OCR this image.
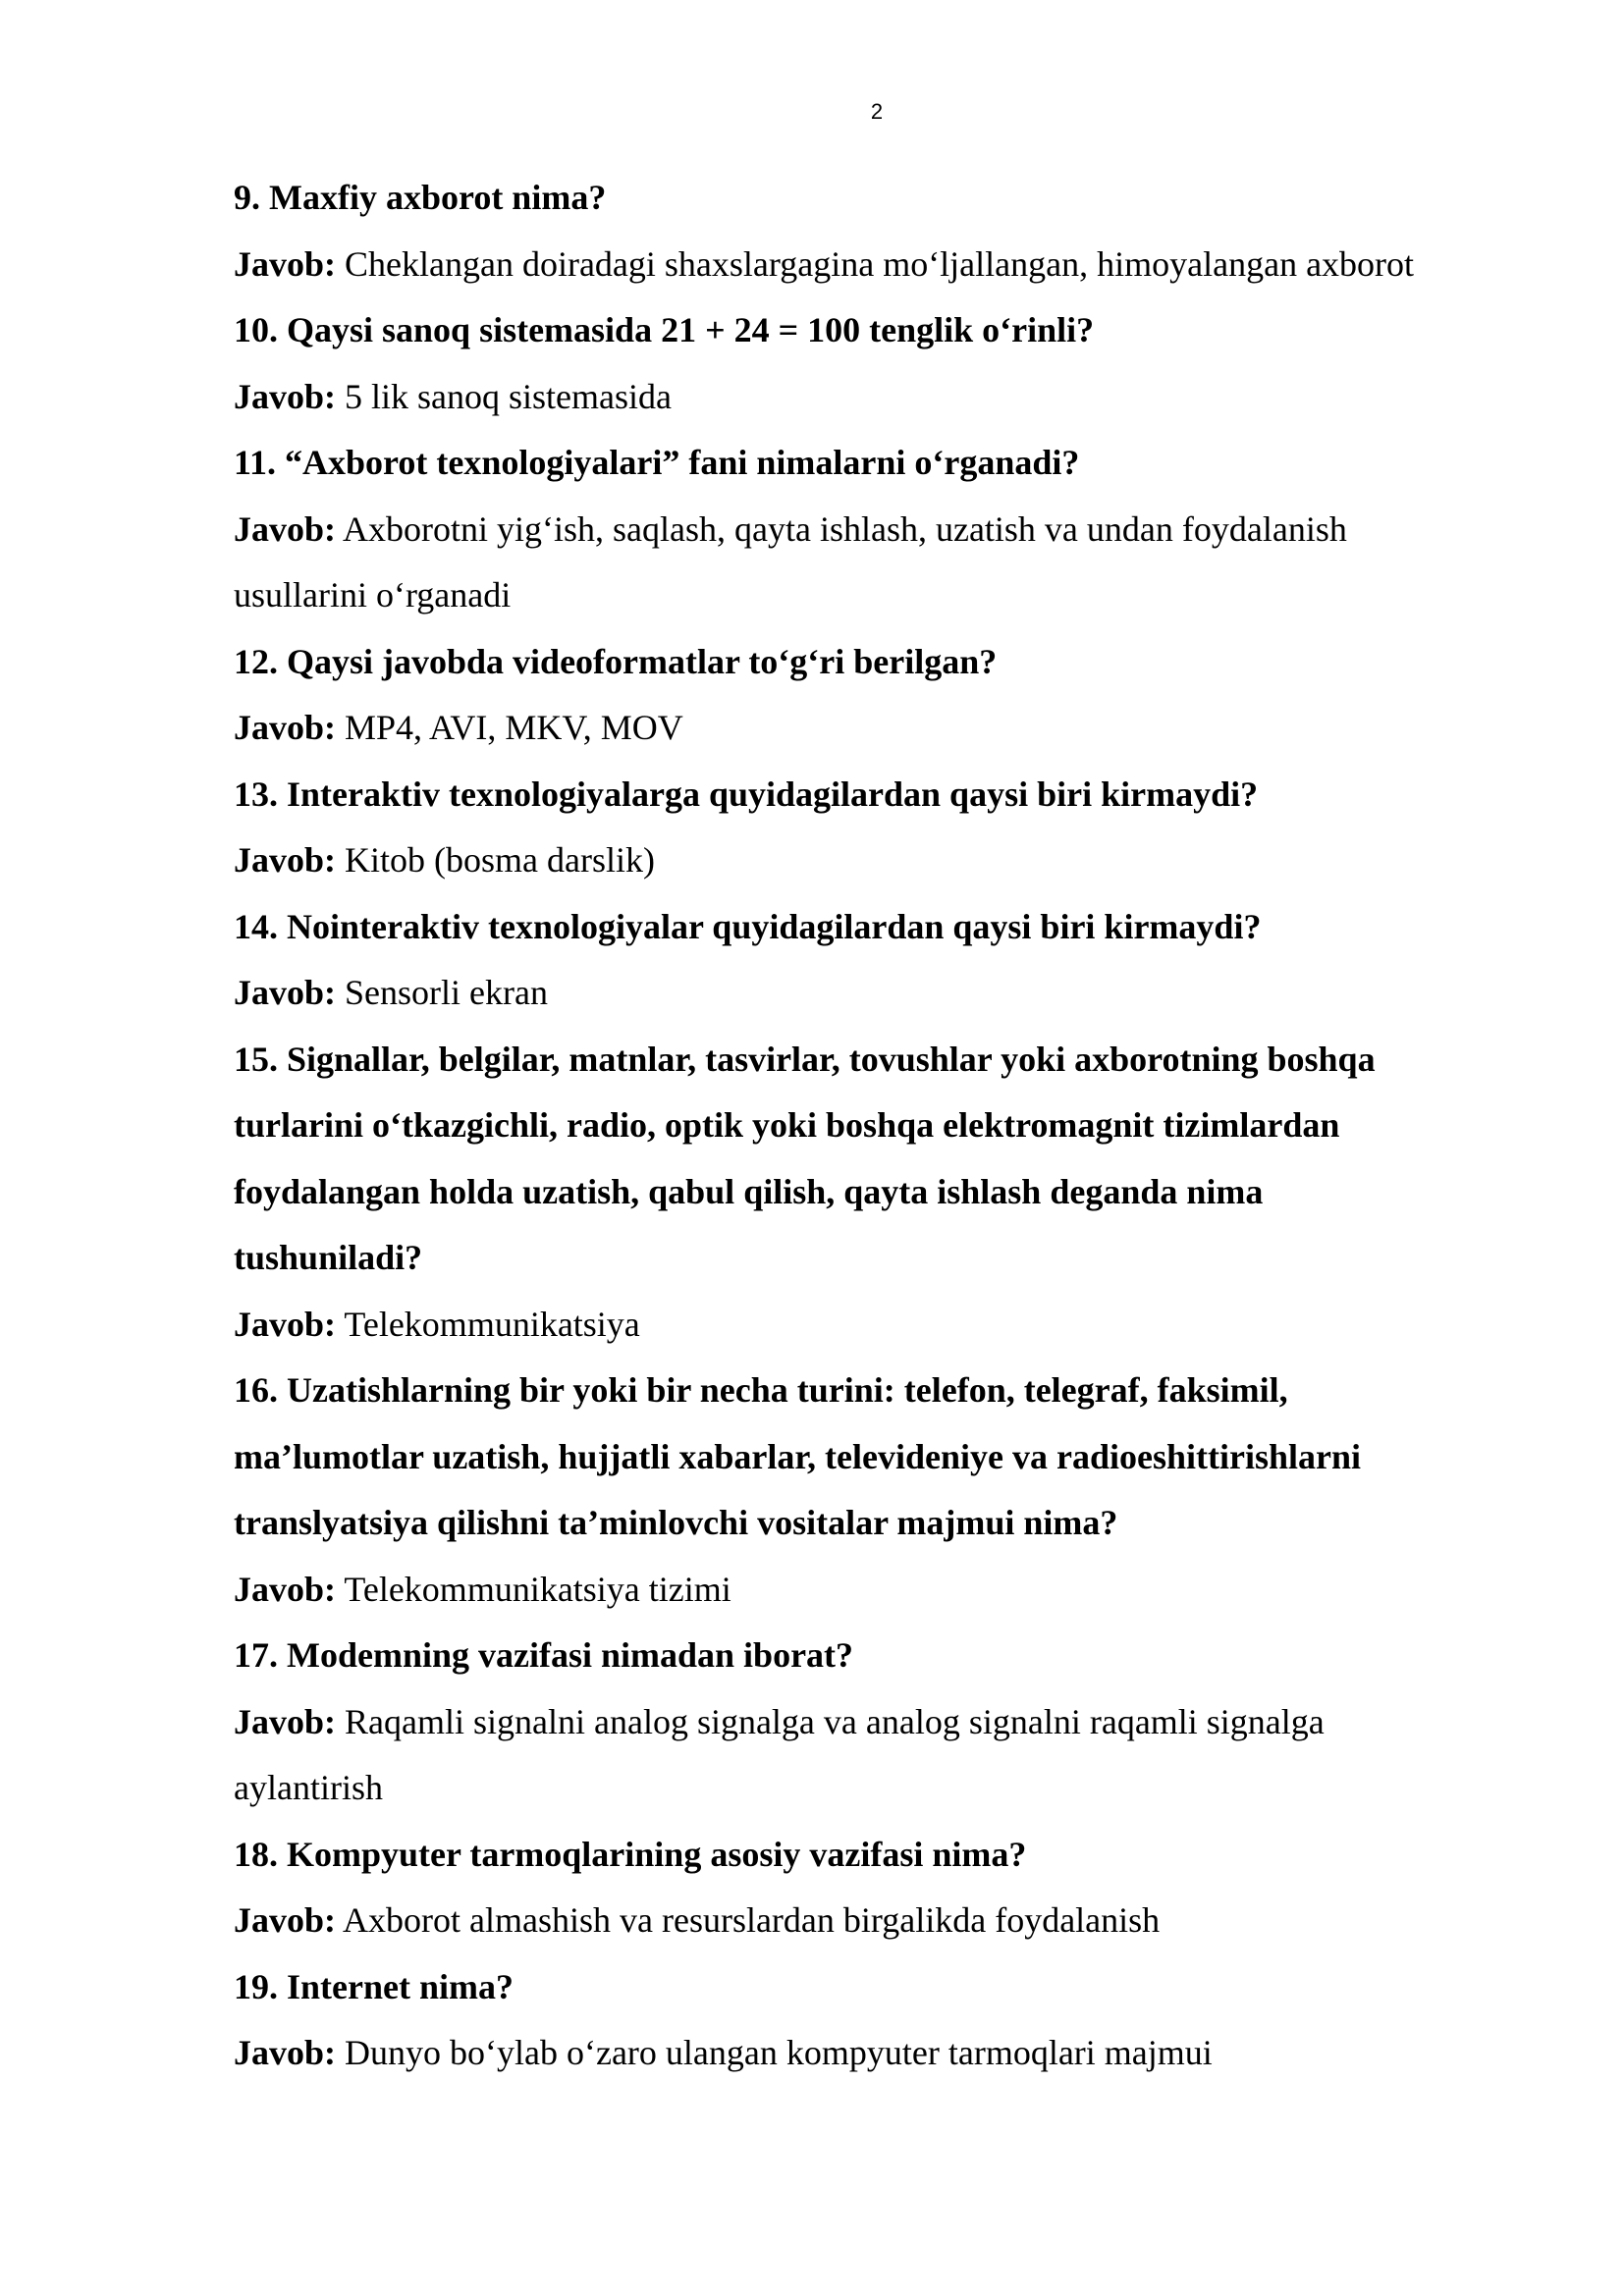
2
9. Maxfiy axborot nima?
Javob: Cheklangan doiradagi shaxslargagina mo‘ljallangan, himoyalangan axborot
10. Qaysi sanoq sistemasida 21 + 24 = 100 tenglik o‘rinli?
Javob: 5 lik sanoq sistemasida
11. “Axborot texnologiyalari” fani nimalarni o‘rganadi?
Javob: Axborotni yig‘ish, saqlash, qayta ishlash, uzatish va undan foydalanish
usullarini o‘rganadi
12. Qaysi javobda videoformatlar to‘g‘ri berilgan?
Javob: MP4, AVI, MKV, MOV
13. Interaktiv texnologiyalarga quyidagilardan qaysi biri kirmaydi?
Javob: Kitob (bosma darslik)
14. Nointeraktiv texnologiyalar quyidagilardan qaysi biri kirmaydi?
Javob: Sensorli ekran
15. Signallar, belgilar, matnlar, tasvirlar, tovushlar yoki axborotning boshqa
turlarini o‘tkazgichli, radio, optik yoki boshqa elektromagnit tizimlardan
foydalangan holda uzatish, qabul qilish, qayta ishlash deganda nima
tushuniladi?
Javob: Telekommunikatsiya
16. Uzatishlarning bir yoki bir necha turini: telefon, telegraf, faksimil,
ma’lumotlar uzatish, hujjatli xabarlar, televideniye va radioeshittirishlarni
translyatsiya qilishni ta’minlovchi vositalar majmui nima?
Javob: Telekommunikatsiya tizimi
17. Modemning vazifasi nimadan iborat?
Javob: Raqamli signalni analog signalga va analog signalni raqamli signalga
aylantirish
18. Kompyuter tarmoqlarining asosiy vazifasi nima?
Javob: Axborot almashish va resurslardan birgalikda foydalanish
19. Internet nima?
Javob: Dunyo bo‘ylab o‘zaro ulangan kompyuter tarmoqlari majmui
